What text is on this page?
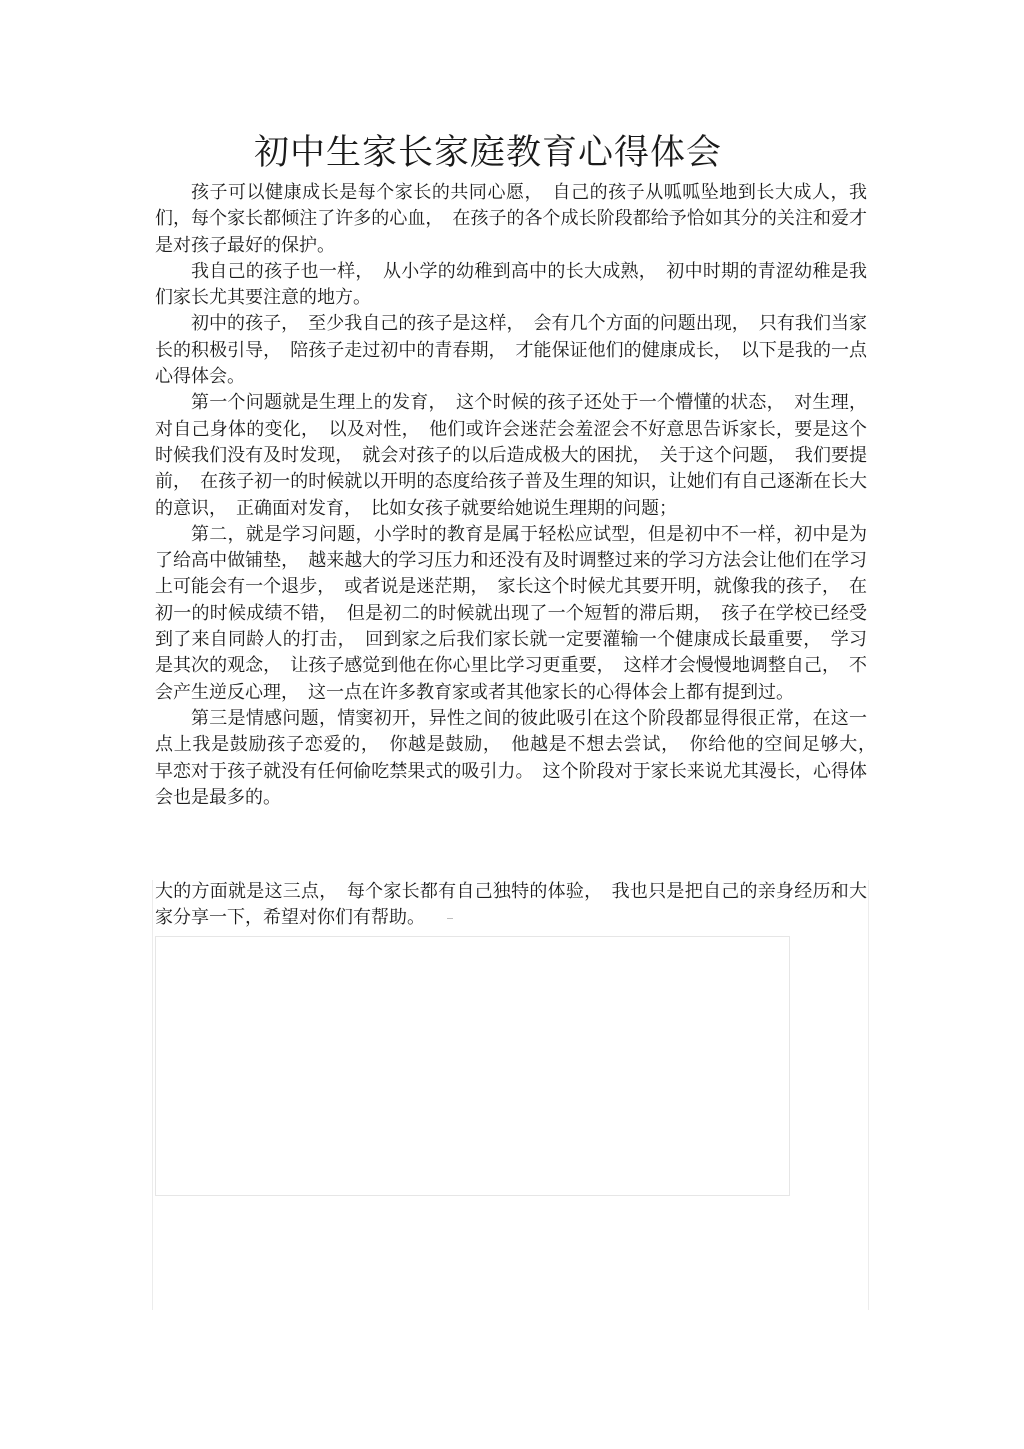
初中生家长家庭教育心得体会

孩子可以健康成长是每个家长的共同心愿，　自己的孩子从呱呱坠地到长大成人，我们，每个家长都倾注了许多的心血，　在孩子的各个成长阶段都给予恰如其分的关注和爱才是对孩子最好的保护。

我自己的孩子也一样，　从小学的幼稚到高中的长大成熟，　初中时期的青涩幼稚是我们家长尤其要注意的地方。

初中的孩子，　至少我自己的孩子是这样，　会有几个方面的问题出现，　只有我们当家长的积极引导，　陪孩子走过初中的青春期，　才能保证他们的健康成长，　以下是我的一点心得体会。

第一个问题就是生理上的发育，　这个时候的孩子还处于一个懵懂的状态，　对生理，对自己身体的变化，　以及对性，　他们或许会迷茫会羞涩会不好意思告诉家长，要是这个时候我们没有及时发现，　就会对孩子的以后造成极大的困扰，　关于这个问题，　我们要提前，　在孩子初一的时候就以开明的态度给孩子普及生理的知识，让她们有自己逐渐在长大的意识，　正确面对发育，　比如女孩子就要给她说生理期的问题；

第二，就是学习问题，小学时的教育是属于轻松应试型，但是初中不一样，初中是为了给高中做铺垫，　越来越大的学习压力和还没有及时调整过来的学习方法会让他们在学习上可能会有一个退步，　或者说是迷茫期，　家长这个时候尤其要开明，就像我的孩子，　在初一的时候成绩不错，　但是初二的时候就出现了一个短暂的滞后期，　孩子在学校已经受到了来自同龄人的打击，　回到家之后我们家长就一定要灌输一个健康成长最重要，　学习是其次的观念，　让孩子感觉到他在你心里比学习更重要，　这样才会慢慢地调整自己，　不会产生逆反心理，　这一点在许多教育家或者其他家长的心得体会上都有提到过。

第三是情感问题，情窦初开，异性之间的彼此吸引在这个阶段都显得很正常，在这一点上我是鼓励孩子恋爱的，　你越是鼓励，　他越是不想去尝试，　你给他的空间足够大，　早恋对于孩子就没有任何偷吃禁果式的吸引力。　这个阶段对于家长来说尤其漫长，心得体会也是最多的。

大的方面就是这三点，　每个家长都有自己独特的体验，　我也只是把自己的亲身经历和大家分享一下，希望对你们有帮助。
